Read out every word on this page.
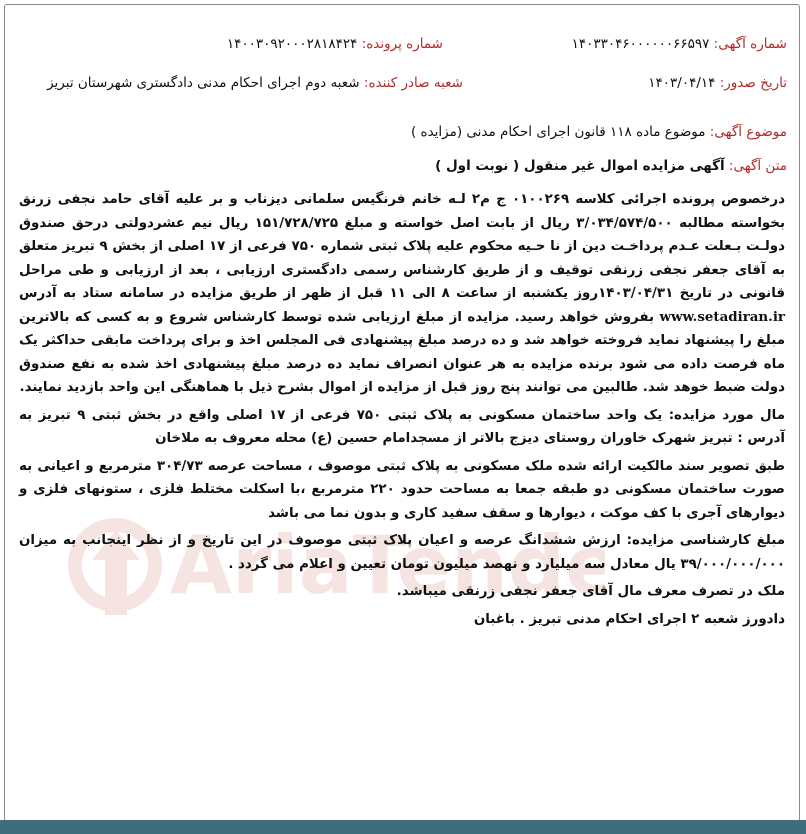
شماره آگهی: ۱۴۰۳۳۰۴۶۰۰۰۰۰۰۶۶۵۹۷
شماره پرونده: ۱۴۰۰۳۰۹۲۰۰۰۲۸۱۸۴۲۴
تاریخ صدور: ۱۴۰۳/۰۴/۱۴
شعبه صادر کننده: شعبه دوم اجرای احکام مدنی دادگستری شهرستان تبریز
موضوع آگهی: موضوع ماده ۱۱۸ قانون اجرای احکام مدنی (مزایده )
متن آگهی: آگهی مزایده اموال غیر منقول ( نوبت اول )
AriaTende

درخصوص پرونده اجرائی کلاسه ۰۱۰۰۲۶۹ ج م۲ لـه خانم فرنگیس سلمانی دیزناب و بر علیه آقای حامد نجفی زرنق بخواسته مطالبه ۳/۰۳۴/۵۷۴/۵۰۰ ریال از بابت اصل خواسته و مبلغ ۱۵۱/۷۲۸/۷۲۵ ریال نیم عشردولتی درحق صندوق دولـت بـعلت عـدم پرداخـت دین از نا حـیه محکوم علیه پلاک ثبتی شماره ۷۵۰ فرعی از ۱۷ اصلی از بخش ۹ تبریز متعلق به آقای جعفر نجفی زرنقی توقیف و از طریق کارشناس رسمی دادگستری ارزیابی ، بعد از ارزیابی و طی مراحل قانونی در تاریخ ۱۴۰۳/۰۴/۳۱روز یکشنبه از ساعت ۸ الی ۱۱ قبل از ظهر از طریق مزایده در سامانه ستاد به آدرس www.setadiran.ir بفروش خواهد رسید. مزایده از مبلغ ارزیابی شده توسط کارشناس شروع و به کسی که بالاترین مبلغ را پیشنهاد نماید فروخته خواهد شد و ده درصد مبلغ پیشنهادی فی المجلس اخذ و برای پرداخت مابقی حداکثر یک ماه فرصت داده می شود برنده مزایده به هر عنوان انصراف نماید ده درصد مبلغ پیشنهادی اخذ شده به نفع صندوق دولت ضبط خوهد شد. طالبین می توانند پنج روز قبل از مزایده از اموال بشرح ذیل با هماهنگی این واحد بازدید نمایند.

مال مورد مزایده: یک واحد ساختمان مسکونی به پلاک ثبتی ۷۵۰ فرعی از ۱۷ اصلی واقع در بخش ثبتی ۹ تبریز به آدرس : تبریز شهرک خاوران روستای دیزج بالاتر از مسجدامام حسین (ع) محله معروف به ملاخان

طبق تصویر سند مالکیت ارائه شده ملک مسکونی به پلاک ثبتی موصوف ، مساحت عرصه ۳۰۴/۷۳ مترمربع و اعیانی به صورت ساختمان مسکونی دو طبقه جمعا به مساحت حدود ۲۲۰ مترمربع ،با اسکلت مختلط فلزی ، ستونهای فلزی و دیوارهای آجری با کف موکت ، دیوارها و سقف سفید کاری و بدون نما می باشد

مبلغ کارشناسی مزایده: ارزش ششدانگ عرصه و اعیان پلاک ثبتی موصوف در این تاریخ و از نظر اینجانب به میزان ۳۹/۰۰۰/۰۰۰/۰۰۰ یال معادل سه میلیارد و نهصد میلیون تومان تعیین و اعلام می گردد .

ملک در تصرف معرف مال آقای جعفر نجفی زرنقی میباشد.

دادورز شعبه ۲ اجرای احکام مدنی تبریز . باغبان
